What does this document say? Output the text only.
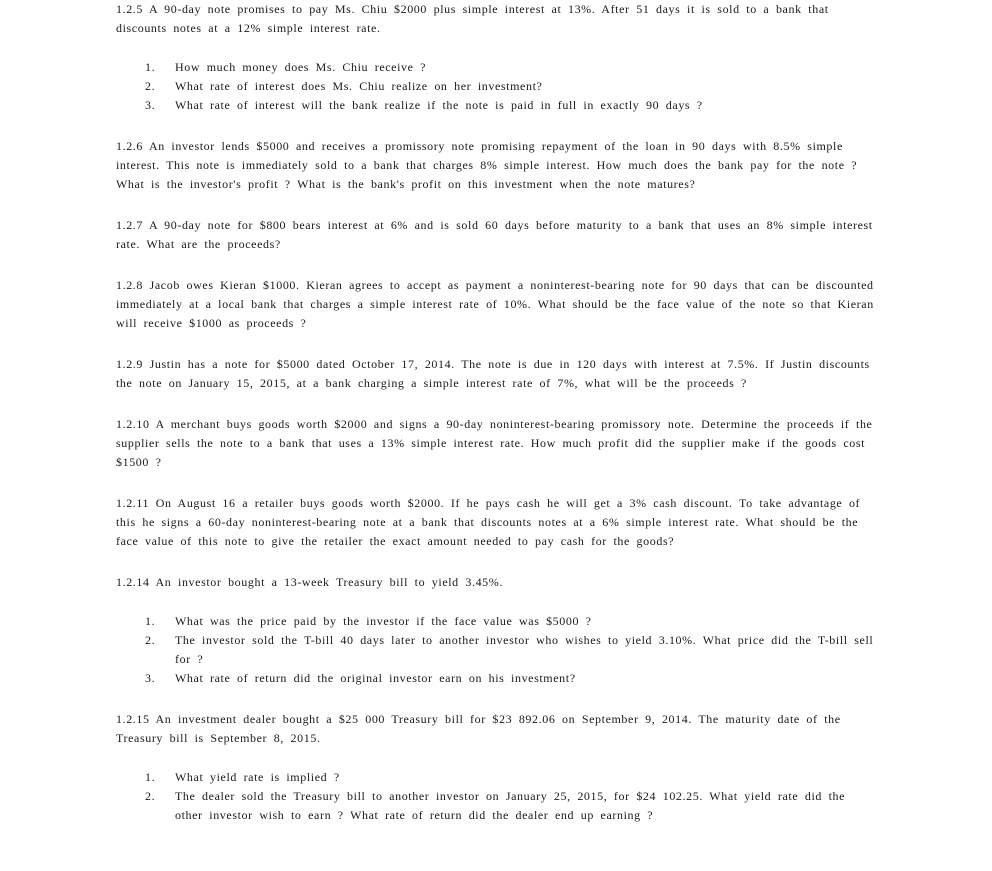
1.2.5 A 90-day note promises to pay Ms. Chiu $2000 plus simple interest at 13%. After 51 days it is sold to a bank that discounts notes at a 12% simple interest rate.

1. How much money does Ms. Chiu receive ?
2. What rate of interest does Ms. Chiu realize on her investment?
3. What rate of interest will the bank realize if the note is paid in full in exactly 90 days ?

1.2.6 An investor lends $5000 and receives a promissory note promising repayment of the loan in 90 days with 8.5% simple interest. This note is immediately sold to a bank that charges 8% simple interest. How much does the bank pay for the note ? What is the investor's profit ? What is the bank's profit on this investment when the note matures?

1.2.7 A 90-day note for $800 bears interest at 6% and is sold 60 days before maturity to a bank that uses an 8% simple interest rate. What are the proceeds?

1.2.8 Jacob owes Kieran $1000. Kieran agrees to accept as payment a noninterest-bearing note for 90 days that can be discounted immediately at a local bank that charges a simple interest rate of 10%. What should be the face value of the note so that Kieran will receive $1000 as proceeds ?

1.2.9 Justin has a note for $5000 dated October 17, 2014. The note is due in 120 days with interest at 7.5%. If Justin discounts the note on January 15, 2015, at a bank charging a simple interest rate of 7%, what will be the proceeds ?

1.2.10 A merchant buys goods worth $2000 and signs a 90-day noninterest-bearing promissory note. Determine the proceeds if the supplier sells the note to a bank that uses a 13% simple interest rate. How much profit did the supplier make if the goods cost $1500 ?

1.2.11 On August 16 a retailer buys goods worth $2000. If he pays cash he will get a 3% cash discount. To take advantage of this he signs a 60-day noninterest-bearing note at a bank that discounts notes at a 6% simple interest rate. What should be the face value of this note to give the retailer the exact amount needed to pay cash for the goods?

1.2.14 An investor bought a 13-week Treasury bill to yield 3.45%.

1. What was the price paid by the investor if the face value was $5000 ?
2. The investor sold the T-bill 40 days later to another investor who wishes to yield 3.10%. What price did the T-bill sell for ?
3. What rate of return did the original investor earn on his investment?

1.2.15 An investment dealer bought a $25 000 Treasury bill for $23 892.06 on September 9, 2014. The maturity date of the Treasury bill is September 8, 2015.

1. What yield rate is implied ?
2. The dealer sold the Treasury bill to another investor on January 25, 2015, for $24 102.25. What yield rate did the other investor wish to earn ? What rate of return did the dealer end up earning ?
